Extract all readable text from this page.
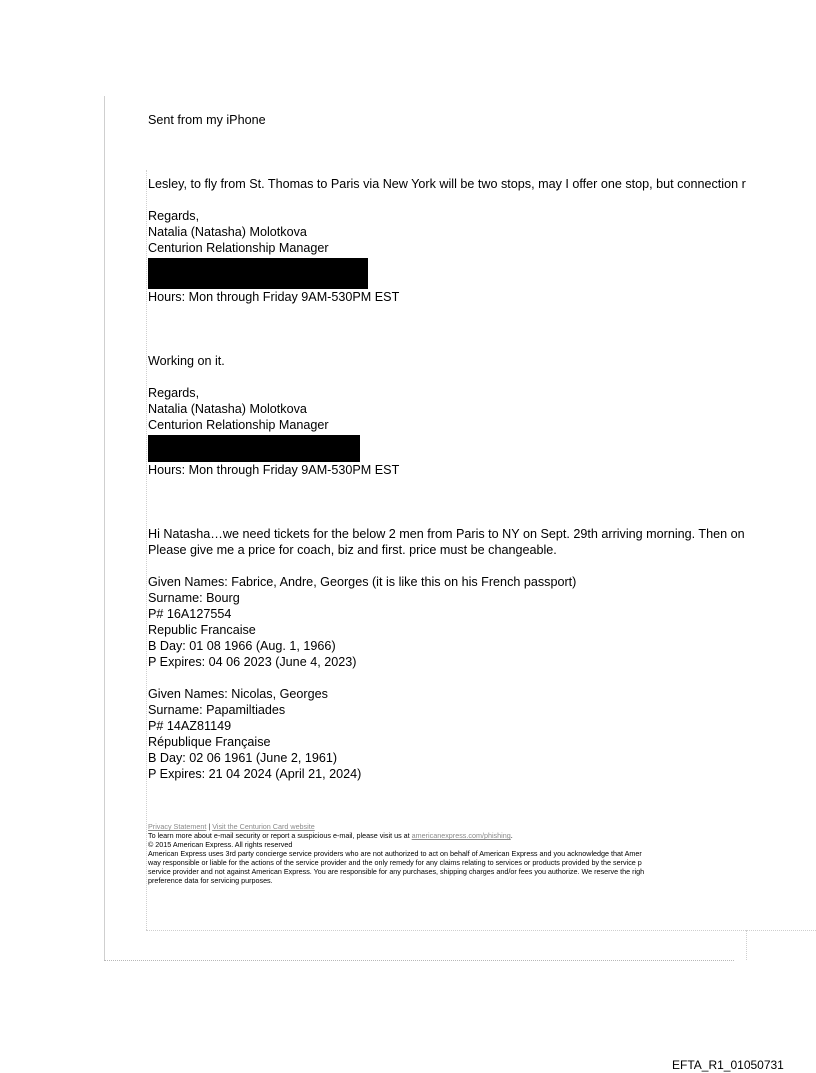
Sent from my iPhone

Lesley, to fly from St. Thomas to Paris via New York will be two stops, may I offer one stop, but connection r

Regards,

Natalia (Natasha) Molotkova

Centurion Relationship Manager

Hours: Mon through Friday 9AM-530PM EST

Working on it.

Regards,

Natalia (Natasha) Molotkova

Centurion Relationship Manager

Hours: Mon through Friday 9AM-530PM EST

Hi Natasha…we need tickets for the below 2 men from Paris to NY on Sept. 29th arriving morning. Then on

Please give me a price for coach, biz and first. price must be changeable.

Given Names: Fabrice, Andre, Georges (it is like this on his French passport)

Surname: Bourg

P# 16A127554

Republic Francaise

B Day: 01 08 1966 (Aug. 1, 1966)

P Expires: 04 06 2023 (June 4, 2023)

Given Names: Nicolas, Georges

Surname: Papamiltiades

P# 14AZ81149

République Française

B Day: 02 06 1961 (June 2, 1961)

P Expires: 21 04 2024 (April 21, 2024)

Privacy Statement | Visit the Centurion Card website

To learn more about e-mail security or report a suspicious e-mail, please visit us at americanexpress.com/phishing.

© 2015 American Express. All rights reserved

American Express uses 3rd party concierge service providers who are not authorized to act on behalf of American Express and you acknowledge that Amer

way responsible or liable for the actions of the service provider and the only remedy for any claims relating to services or products provided by the service p

service provider and not against American Express. You are responsible for any purchases, shipping charges and/or fees you authorize. We reserve the righ

preference data for servicing purposes.

EFTA_R1_01050731
